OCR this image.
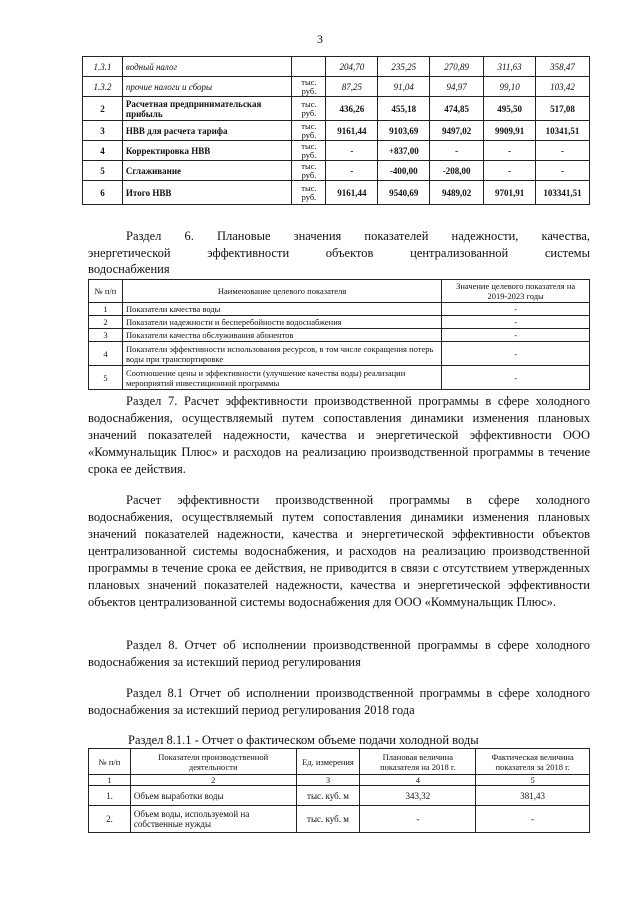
3
1.3.1	водный налог		204,70	235,25	270,89	311,63	358,47
1.3.2	прочие налоги и сборы	тыс. руб.	87,25	91,04	94,97	99,10	103,42
2	Расчетная предпринимательская прибыль	тыс. руб.	436,26	455,18	474,85	495,50	517,08
3	НВВ для расчета тарифа	тыс. руб.	9161,44	9103,69	9497,02	9909,91	10341,51
4	Корректировка НВВ	тыс. руб.	-	+837,00	-	-	-
5	Сглаживание	тыс. руб.	-	-400,00	-208,00	-	-
6	Итого НВВ	тыс. руб.	9161,44	9540,69	9489,02	9701,91	103341,51
Раздел 6. Плановые значения показателей надежности, качества,
энергетической эффективности объектов централизованной системы
водоснабжения
№ п/п	Наименование целевого показателя	Значение целевого показателя на 2019-2023 годы
1	Показатели качества воды	-
2	Показатели надежности и бесперебойности водоснабжения	-
3	Показатели качества обслуживания абонентов	-
4	Показатели эффективности использования ресурсов, в том числе сокращения потерь воды при транспортировке	-
5	Соотношение цены и эффективности (улучшение качества воды) реализации мероприятий инвестиционной программы	-
Раздел 7. Расчет эффективности производственной программы в сфере холодного водоснабжения, осуществляемый путем сопоставления динамики изменения плановых значений показателей надежности, качества и энергетической эффективности ООО «Коммунальщик Плюс» и расходов на реализацию производственной программы в течение срока ее действия.
Расчет эффективности производственной программы в сфере холодного водоснабжения, осуществляемый путем сопоставления динамики изменения плановых значений показателей надежности, качества и энергетической эффективности объектов централизованной системы водоснабжения, и расходов на реализацию производственной программы в течение срока ее действия, не приводится в связи с отсутствием утвержденных плановых значений показателей надежности, качества и энергетической эффективности объектов централизованной системы водоснабжения для ООО «Коммунальщик Плюс».
Раздел 8. Отчет об исполнении производственной программы в сфере холодного водоснабжения за истекший период регулирования
Раздел 8.1 Отчет об исполнении производственной программы в сфере холодного водоснабжения за истекший период регулирования 2018 года
Раздел 8.1.1 - Отчет о фактическом объеме подачи холодной воды
№ п/п	Показатели производственной деятельности	Ед. измерения	Плановая величина показателя на 2018 г.	Фактическая величина показателя за 2018 г.
1	2	3	4	5
1.	Объем выработки воды	тыс. куб. м	343,32	381,43
2.	Объем воды, используемой на собственные нужды	тыс. куб. м	-	-
